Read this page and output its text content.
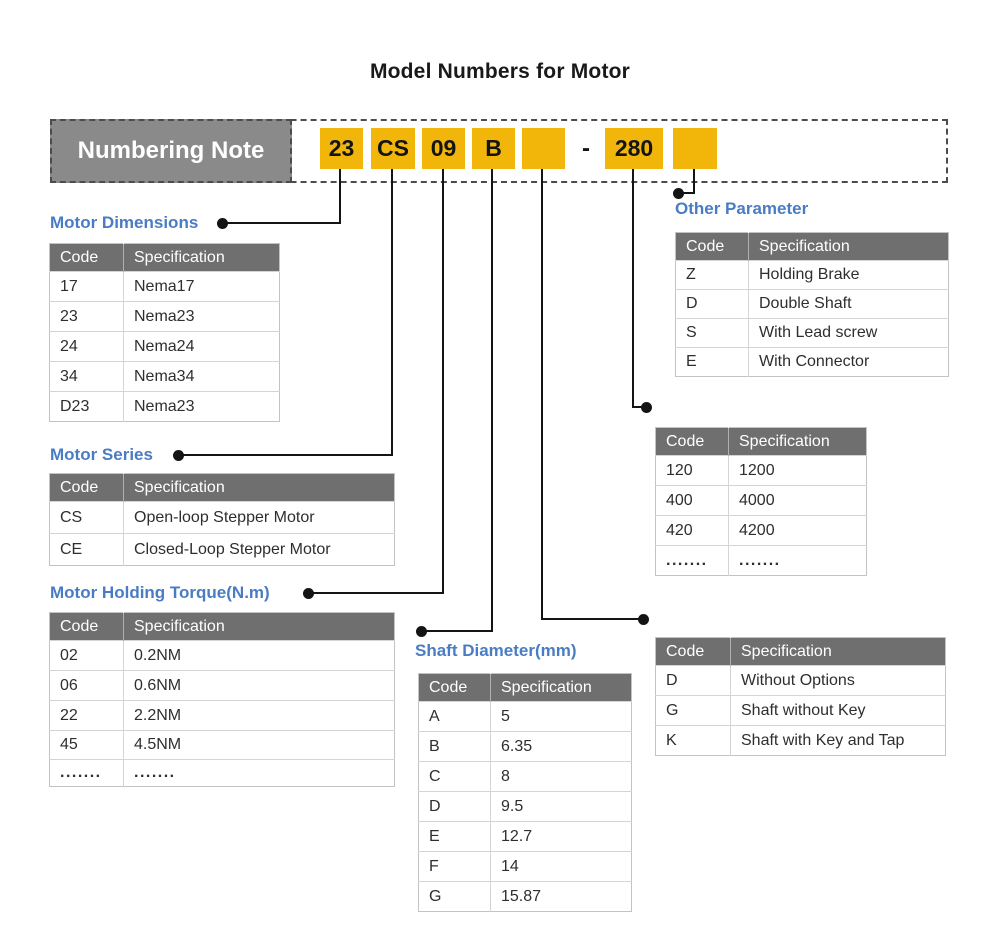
Model Numbers for Motor
Numbering Note	23 CS 09	B	-	280
Motor Dimensions
Motor Series
Motor Holding Torque(N.m)
Shaft Diameter(mm)
Other Parameter
Code	Specification
17	Nema17
23	Nema23
24	Nema24
34	Nema34
D23	Nema23
Code	Specification
CS	Open-loop Stepper Motor
CE	Closed-Loop Stepper Motor
Code	Specification
02	0.2NM
06	0.6NM
22	2.2NM
45	4.5NM
.......	.......
Code	Specification
A	5
B	6.35
C	8
D	9.5
E	12.7
F	14
G	15.87
Code	Specification
Z	Holding Brake
D	Double Shaft
S	With Lead screw
E	With Connector
Code	Specification
120	1200
400	4000
420	4200
.......	.......
Code	Specification
D	Without Options
G	Shaft without Key
K	Shaft with Key and Tap
